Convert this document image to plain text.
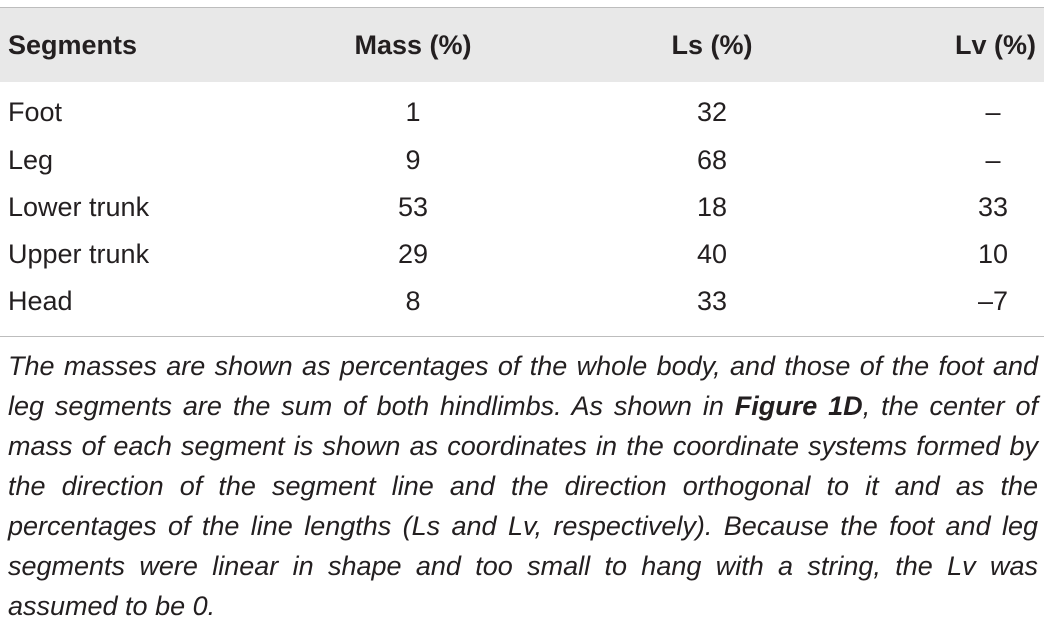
Segments	Mass (%)	Ls (%)	Lv (%)
Foot	1	32	–
Leg	9	68	–
Lower trunk	53	18	33
Upper trunk	29	40	10
Head	8	33	–7
The masses are shown as percentages of the whole body, and those of the foot and leg segments are the sum of both hindlimbs. As shown in Figure 1D, the center of mass of each segment is shown as coordinates in the coordinate systems formed by the direction of the segment line and the direction orthogonal to it and as the percentages of the line lengths (Ls and Lv, respectively). Because the foot and leg segments were linear in shape and too small to hang with a string, the Lv was assumed to be 0.
